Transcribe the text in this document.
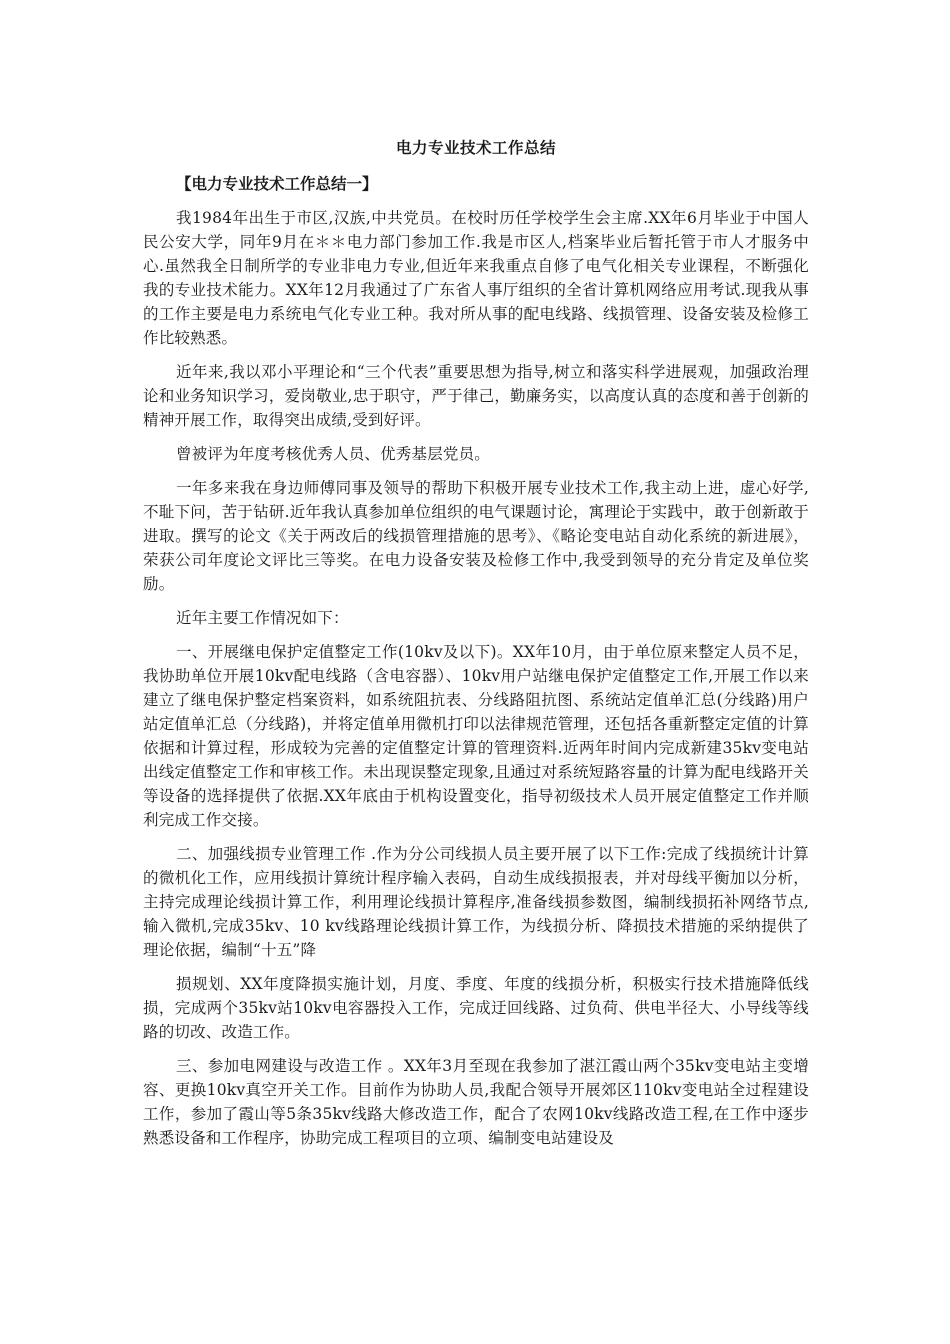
电力专业技术工作总结
【电力专业技术工作总结一】

我1984年出生于市区,汉族,中共党员。在校时历任学校学生会主席.XX年6月毕业于中国人民公安大学，同年9月在＊＊电力部门参加工作.我是市区人,档案毕业后暂托管于市人才服务中心.虽然我全日制所学的专业非电力专业,但近年来我重点自修了电气化相关专业课程，不断强化我的专业技术能力。XX年12月我通过了广东省人事厅组织的全省计算机网络应用考试.现我从事的工作主要是电力系统电气化专业工种。我对所从事的配电线路、线损管理、设备安装及检修工作比较熟悉。

近年来,我以邓小平理论和“三个代表”重要思想为指导,树立和落实科学进展观，加强政治理论和业务知识学习，爱岗敬业,忠于职守，严于律己，勤廉务实，以高度认真的态度和善于创新的精神开展工作，取得突出成绩,受到好评。

曾被评为年度考核优秀人员、优秀基层党员。

一年多来我在身边师傅同事及领导的帮助下积极开展专业技术工作,我主动上进，虚心好学,不耻下问，苦于钻研.近年我认真参加单位组织的电气课题讨论，寓理论于实践中，敢于创新敢于进取。撰写的论文《关于两改后的线损管理措施的思考》、《略论变电站自动化系统的新进展》，荣获公司年度论文评比三等奖。在电力设备安装及检修工作中,我受到领导的充分肯定及单位奖励。

近年主要工作情况如下：

一、开展继电保护定值整定工作(10kv及以下)。XX年10月，由于单位原来整定人员不足，我协助单位开展10kv配电线路（含电容器）、10kv用户站继电保护定值整定工作,开展工作以来建立了继电保护整定档案资料，如系统阻抗表、分线路阻抗图、系统站定值单汇总(分线路)用户站定值单汇总（分线路)，并将定值单用微机打印以法律规范管理，还包括各重新整定定值的计算依据和计算过程，形成较为完善的定值整定计算的管理资料.近两年时间内完成新建35kv变电站出线定值整定工作和审核工作。未出现误整定现象,且通过对系统短路容量的计算为配电线路开关等设备的选择提供了依据.XX年底由于机构设置变化，指导初级技术人员开展定值整定工作并顺利完成工作交接。

二、加强线损专业管理工作 .作为分公司线损人员主要开展了以下工作:完成了线损统计计算的微机化工作，应用线损计算统计程序输入表码，自动生成线损报表，并对母线平衡加以分析，主持完成理论线损计算工作，利用理论线损计算程序,准备线损参数图，编制线损拓补网络节点,输入微机,完成35kv、10 kv线路理论线损计算工作，为线损分析、降损技术措施的采纳提供了理论依据，编制“十五”降

损规划、XX年度降损实施计划，月度、季度、年度的线损分析，积极实行技术措施降低线损，完成两个35kv站10kv电容器投入工作，完成迂回线路、过负荷、供电半径大、小导线等线路的切改、改造工作。

三、参加电网建设与改造工作 。XX年3月至现在我参加了湛江霞山两个35kv变电站主变增容、更换10kv真空开关工作。目前作为协助人员,我配合领导开展郊区110kv变电站全过程建设工作，参加了霞山等5条35kv线路大修改造工作，配合了农网10kv线路改造工程,在工作中逐步熟悉设备和工作程序，协助完成工程项目的立项、编制变电站建设及
